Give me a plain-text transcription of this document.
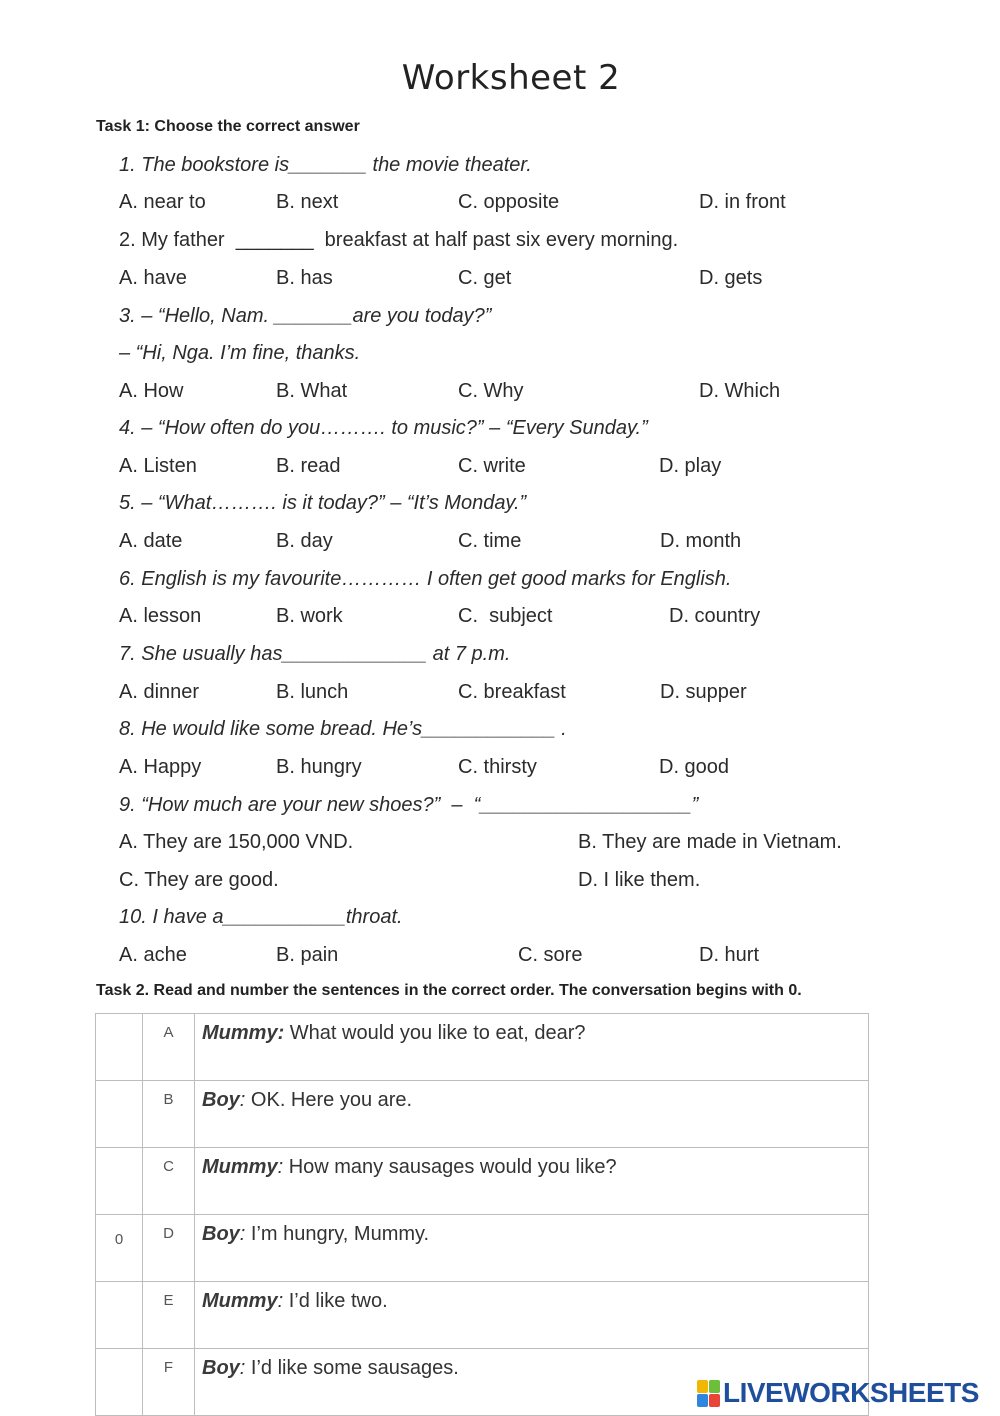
Worksheet 2
Task 1: Choose the correct answer
1. The bookstore is_______ the movie theater.
A. near to	B. next	C. opposite	D. in front
2. My father  _______  breakfast at half past six every morning.
A. have	B. has	C. get	D. gets
3. – “Hello, Nam. _______are you today?”
– “Hi, Nga. I’m fine, thanks.
A. How	B. What	C. Why	D. Which
4. – “How often do you………. to music?” – “Every Sunday.”
A. Listen	B. read	C. write	D. play
5. – “What………. is it today?” – “It’s Monday.”
A. date	B. day	C. time	D. month
6. English is my favourite………… I often get good marks for English.
A. lesson	B. work	C.  subject	D. country
7. She usually has_____________ at 7 p.m.
A. dinner	B. lunch	C. breakfast	D. supper
8. He would like some bread. He’s____________ .
A. Happy	B. hungry	C. thirsty	D. good
9. “How much are your new shoes?”  –  “___________________”
A. They are 150,000 VND.	B. They are made in Vietnam.
C. They are good.	D. I like them.
10. I have a___________throat.
A. ache	B. pain	C. sore	D. hurt
Task 2. Read and number the sentences in the correct order. The conversation begins with 0.
	A	Mummy: What would you like to eat, dear?
	B	Boy: OK. Here you are.
	C	Mummy: How many sausages would you like?
0	D	Boy: I’m hungry, Mummy.
	E	Mummy: I’d like two.
	F	Boy: I’d like some sausages.
LIVEWORKSHEETS
